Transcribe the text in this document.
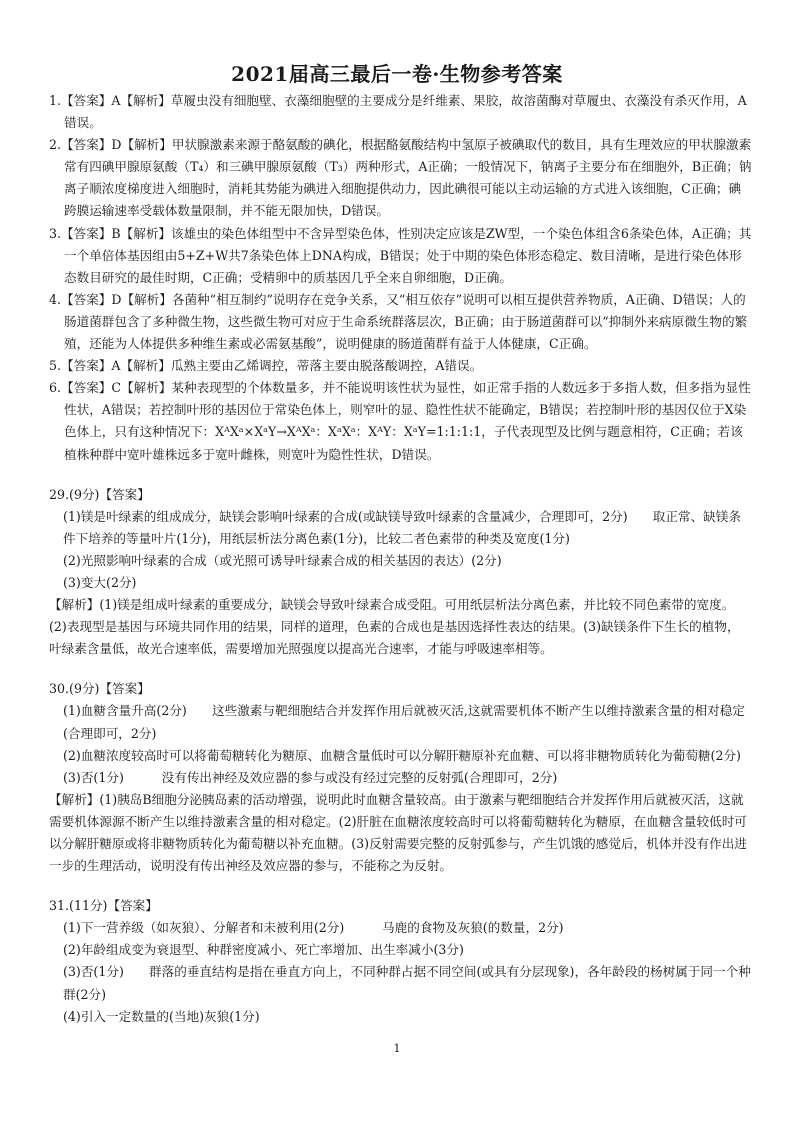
2021届高三最后一卷·生物参考答案

1.【答案】A【解析】草履虫没有细胞壁、衣藻细胞壁的主要成分是纤维素、果胶，故溶菌酶对草履虫、衣藻没有杀灭作用，A错误。

2.【答案】D【解析】甲状腺激素来源于酪氨酸的碘化，根据酪氨酸结构中氢原子被碘取代的数目，具有生理效应的甲状腺激素常有四碘甲腺原氨酸（T₄）和三碘甲腺原氨酸（T₃）两种形式，A正确；一般情况下，钠离子主要分布在细胞外，B正确；钠离子顺浓度梯度进入细胞时，消耗其势能为碘进入细胞提供动力，因此碘很可能以主动运输的方式进入该细胞，C正确；碘跨膜运输速率受载体数量限制，并不能无限加快，D错误。

3.【答案】B【解析】该雄虫的染色体组型中不含异型染色体，性别决定应该是ZW型，一个染色体组含6条染色体，A正确；其一个单倍体基因组由5+Z+W共7条染色体上DNA构成，B错误；处于中期的染色体形态稳定、数目清晰，是进行染色体形态数目研究的最佳时期，C正确；受精卵中的质基因几乎全来自卵细胞，D正确。

4.【答案】D【解析】各菌种“相互制约”说明存在竞争关系，又“相互依存”说明可以相互提供营养物质，A正确、D错误；人的肠道菌群包含了多种微生物，这些微生物可对应于生命系统群落层次，B正确；由于肠道菌群可以“抑制外来病原微生物的繁殖，还能为人体提供多种维生素或必需氨基酸”，说明健康的肠道菌群有益于人体健康，C正确。

5.【答案】A【解析】瓜熟主要由乙烯调控，蒂落主要由脱落酸调控，A错误。

6.【答案】C【解析】某种表现型的个体数量多，并不能说明该性状为显性，如正常手指的人数远多于多指人数，但多指为显性性状，A错误；若控制叶形的基因位于常染色体上，则窄叶的显、隐性性状不能确定，B错误；若控制叶形的基因仅位于X染色体上，只有这种情况下：XᴬXᵃ×XᵃY→XᴬXᵃ：XᵃXᵃ：XᴬY：XᵃY=1:1:1:1，子代表现型及比例与题意相符，C正确；若该植株种群中宽叶雄株远多于宽叶雌株，则宽叶为隐性性状，D错误。

29.(9分)【答案】

(1)镁是叶绿素的组成成分，缺镁会影响叶绿素的合成(或缺镁导致叶绿素的含量减少，合理即可，2分)　　取正常、缺镁条件下培养的等量叶片(1分)，用纸层析法分离色素(1分)，比较二者色素带的种类及宽度(1分)

(2)光照影响叶绿素的合成（或光照可诱导叶绿素合成的相关基因的表达）(2分)

(3)变大(2分)

【解析】(1)镁是组成叶绿素的重要成分，缺镁会导致叶绿素合成受阻。可用纸层析法分离色素，并比较不同色素带的宽度。(2)表现型是基因与环境共同作用的结果，同样的道理，色素的合成也是基因选择性表达的结果。(3)缺镁条件下生长的植物，叶绿素含量低，故光合速率低，需要增加光照强度以提高光合速率，才能与呼吸速率相等。

30.(9分)【答案】

(1)血糖含量升高(2分)　　这些激素与靶细胞结合并发挥作用后就被灭活,这就需要机体不断产生以维持激素含量的相对稳定(合理即可，2分)

(2)血糖浓度较高时可以将葡萄糖转化为糖原、血糖含量低时可以分解肝糖原补充血糖、可以将非糖物质转化为葡萄糖(2分)

(3)否(1分)　　　没有传出神经及效应器的参与或没有经过完整的反射弧(合理即可，2分)

【解析】(1)胰岛B细胞分泌胰岛素的活动增强，说明此时血糖含量较高。由于激素与靶细胞结合并发挥作用后就被灭活，这就需要机体源源不断产生以维持激素含量的相对稳定。(2)肝脏在血糖浓度较高时可以将葡萄糖转化为糖原，在血糖含量较低时可以分解肝糖原或将非糖物质转化为葡萄糖以补充血糖。(3)反射需要完整的反射弧参与，产生饥饿的感觉后，机体并没有作出进一步的生理活动，说明没有传出神经及效应器的参与，不能称之为反射。

31.(11分)【答案】

(1)下一营养级（如灰狼）、分解者和未被利用(2分)　　　马鹿的食物及灰狼(的数量，2分)

(2)年龄组成变为衰退型、种群密度减小、死亡率增加、出生率减小(3分)

(3)否(1分)　　群落的垂直结构是指在垂直方向上，不同种群占据不同空间(或具有分层现象)，各年龄段的杨树属于同一个种群(2分)

(4)引入一定数量的(当地)灰狼(1分)

1
